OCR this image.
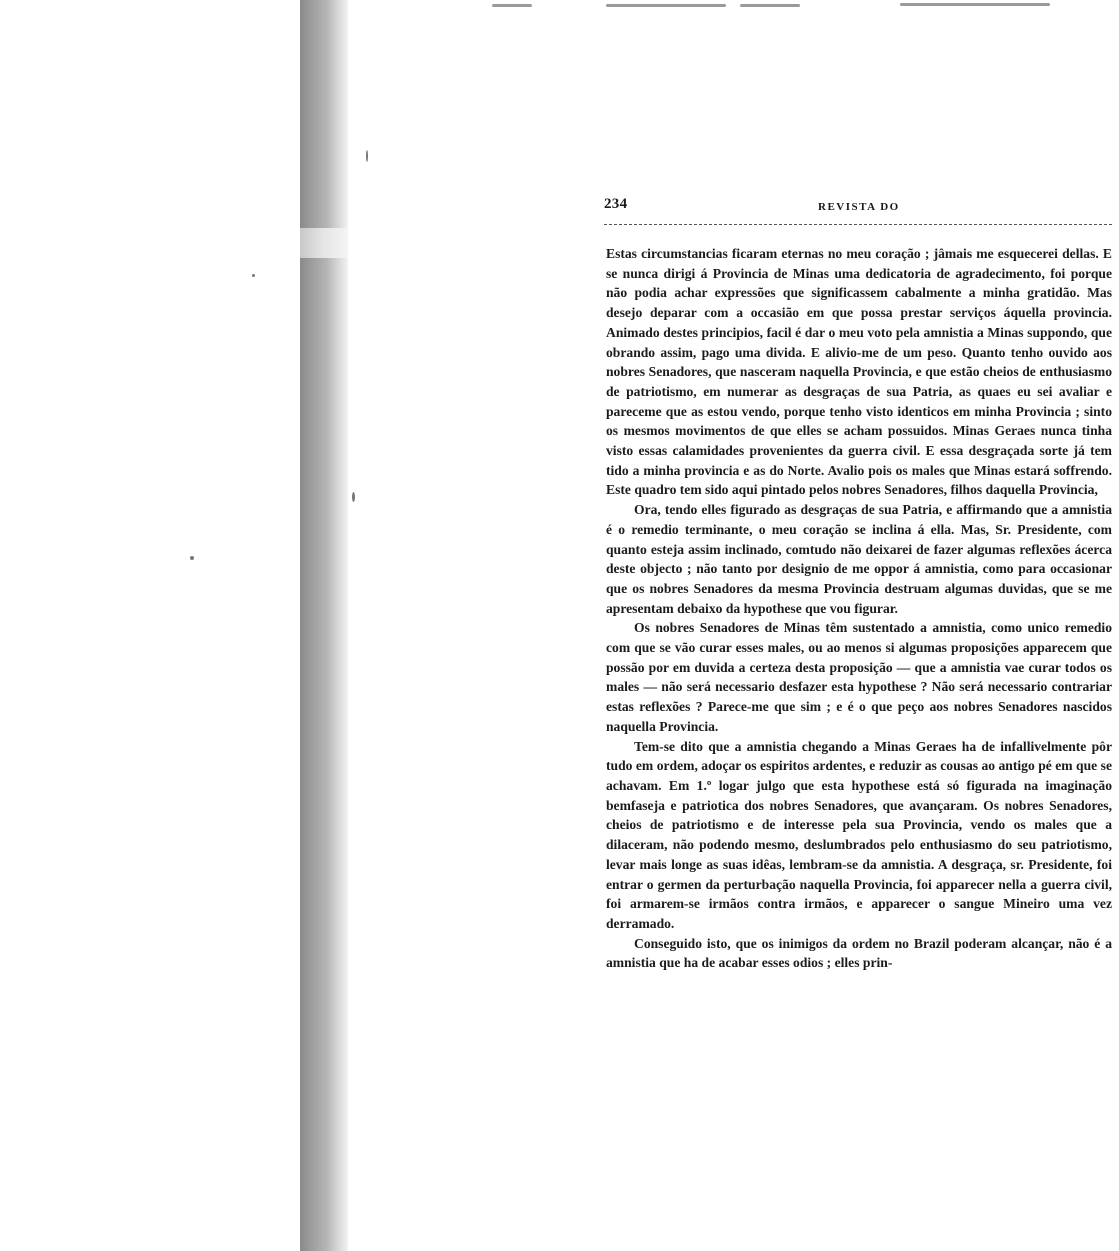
234	REVISTA DO

Estas circumstancias ficaram eternas no meu coração ; jâmais me esquecerei dellas. E se nunca dirigi á Provincia de Minas uma dedicatoria de agradecimento, foi porque não podia achar expressões que significassem cabalmente a minha gratidão. Mas desejo deparar com a occasião em que possa prestar serviços áquella provincia. Animado destes principios, facil é dar o meu voto pela amnistia a Minas suppondo, que obrando assim, pago uma divida. E alivio-me de um peso. Quanto tenho ouvido aos nobres Senadores, que nasceram naquella Provincia, e que estão cheios de enthusiasmo de patriotismo, em numerar as desgraças de sua Patria, as quaes eu sei avaliar e pareceme que as estou vendo, porque tenho visto identicos em minha Provincia ; sinto os mesmos movimentos de que elles se acham possuidos. Minas Geraes nunca tinha visto essas calamidades provenientes da guerra civil. E essa desgraçada sorte já tem tido a minha provincia e as do Norte. Avalio pois os males que Minas estará soffrendo. Este quadro tem sido aqui pintado pelos nobres Senadores, filhos daquella Provincia,

Ora, tendo elles figurado as desgraças de sua Patria, e affirmando que a amnistia é o remedio terminante, o meu coração se inclina á ella. Mas, Sr. Presidente, com quanto esteja assim inclinado, comtudo não deixarei de fazer algumas reflexões ácerca deste objecto ; não tanto por designio de me oppor á amnistia, como para occasionar que os nobres Senadores da mesma Provincia destruam algumas duvidas, que se me apresentam debaixo da hypothese que vou figurar.

Os nobres Senadores de Minas têm sustentado a amnistia, como unico remedio com que se vão curar esses males, ou ao menos si algumas proposições apparecem que possão por em duvida a certeza desta proposição — que a amnistia vae curar todos os males — não será necessario desfazer esta hypothese ? Não será necessario contrariar estas reflexões ? Parece-me que sim ; e é o que peço aos nobres Senadores nascidos naquella Provincia.

Tem-se dito que a amnistia chegando a Minas Geraes ha de infallivelmente pôr tudo em ordem, adoçar os espiritos ardentes, e reduzir as cousas ao antigo pé em que se achavam. Em 1.º logar julgo que esta hypothese está só figurada na imaginação bemfaseja e patriotica dos nobres Senadores, que avançaram. Os nobres Senadores, cheios de patriotismo e de interesse pela sua Provincia, vendo os males que a dilaceram, não podendo mesmo, deslumbrados pelo enthusiasmo do seu patriotismo, levar mais longe as suas idêas, lembram-se da amnistia. A desgraça, sr. Presidente, foi entrar o germen da perturbação naquella Provincia, foi apparecer nella a guerra civil, foi armarem-se irmãos contra irmãos, e apparecer o sangue Mineiro uma vez derramado.

Conseguido isto, que os inimigos da ordem no Brazil poderam alcançar, não é a amnistia que ha de acabar esses odios ; elles prin-
